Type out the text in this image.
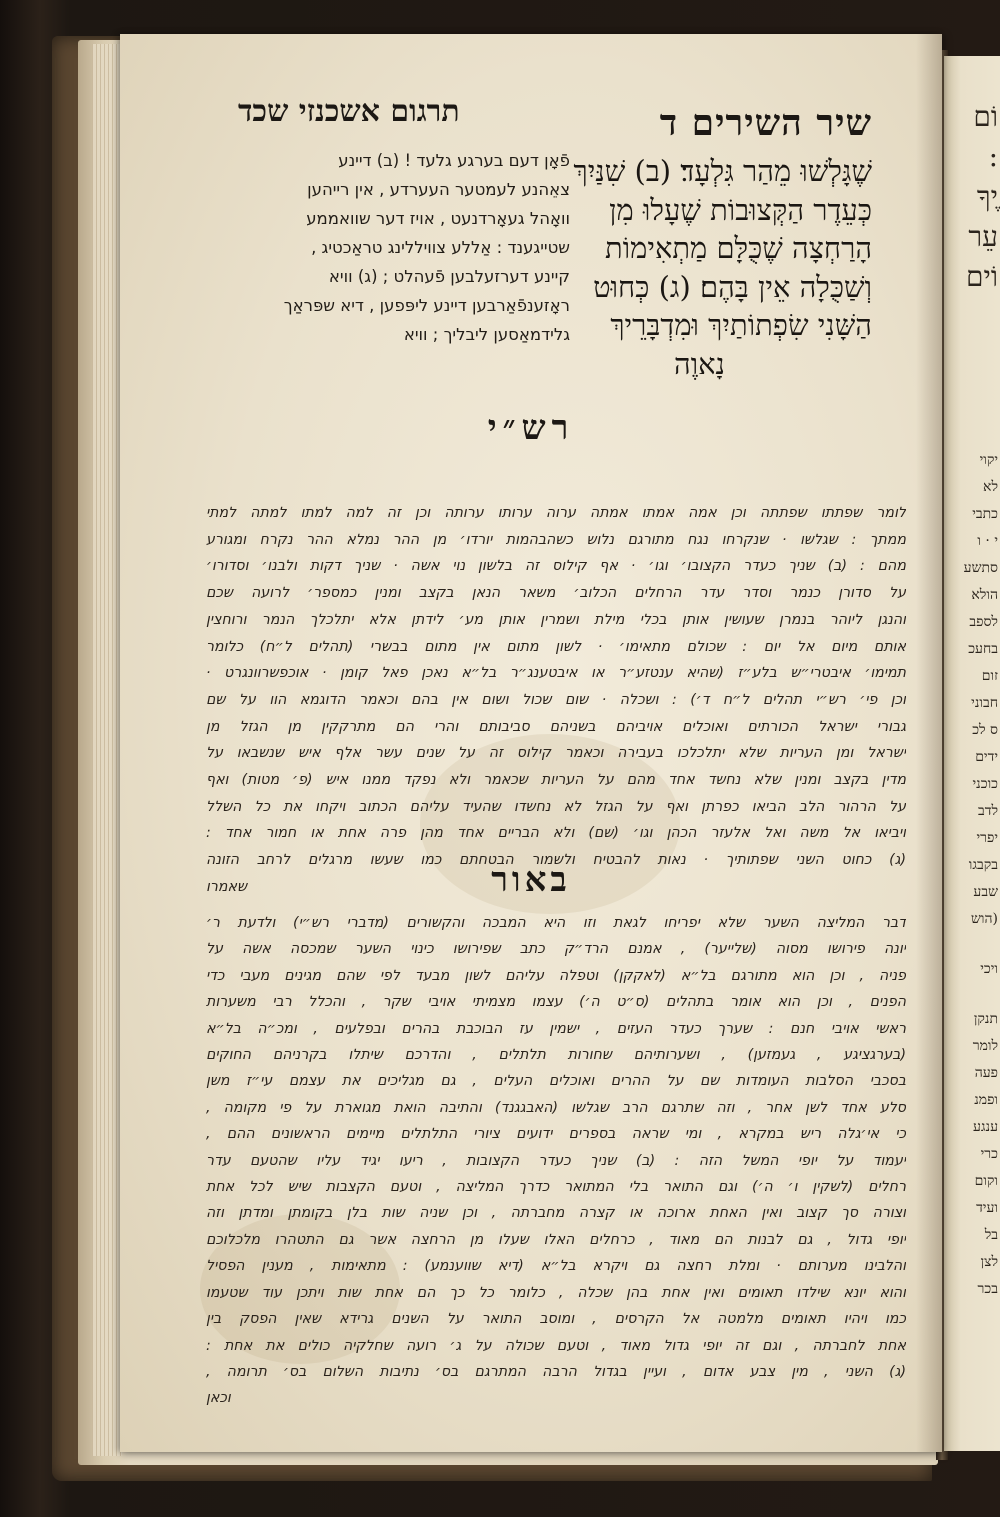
וֹם
:
ֶיךָ
עֵר
וֹים
יקוי
לא
כתבי
י · ו
סתשע
הולא
לספב
בחעכ
זום
חבוני
ס לכ
ידים
כוכני
לדב
יפרי
בקבגו
שבע
(הוש
ויכי
תנקן
לומר
פעה
ופמנ
ענגע
כרי
וקום
ועיד
בל
לצן
בכר
שיר השירים ד
תרגום אשכנזי שכד
שֶׁגָּלְשׁוּ מֵהַר גִּלְעָד׃ (ב) שִׁנַּיִךְ
כְּעֵדֶר הַקְּצוּבוֹת שֶׁעָלוּ מִן
הָרַחְצָה שֶׁכֻּלָּם מַתְאִימוֹת
וְשַׁכֻּלָה אֵין בָּהֶם׃ (ג) כְּחוּט
הַשָּׁנִי שִׂפְתוֹתַיִךְ וּמִדְבָּרֵיךְ
נָאוֶה
פֿאָן דעם בערגע גלעד ! (ב) דיינע
צאֵהנע לעמטער העערדע , אין רייהען
וואָהל געאָרדנעט , אויז דער שוואממע
שטייגענד : אַללע צוויללינג טראַכטיג ,
קיינע דערזעלבען פֿעהלט ; (ג) וויא
ראָזענפֿאַרבען דיינע ליפּפען , דיא שפּראַך
גלידמאַסען ליבליך ; וויא
רש״י
לומר שפתתו שפתתה וכן אמה אמתו אמתה ערוה ערותו ערותה וכן זה למה למתו למתה למתי
ממתך : שגלשו · שנקרחו נגח מתורגם נלוש כשהבהמות יורדו׳ מן ההר נמלא ההר נקרח ומגורע
מהם : (ב) שניך כעדר הקצובו׳ וגו׳ · אף קילוס זה בלשון נוי אשה · שניך דקות ולבנו׳ וסדורו׳
על סדורן כנמר וסדר עדר הרחלים הכלוב׳ משאר הנאן בקצב ומנין כמספר׳ לרועה שכם
והנגן ליוהר בנמרן שעושין אותן בכלי מילת ושמרין אותן מע׳ לידתן אלא יתלכלך הנמר ורוחצין
אותם מיום אל יום : שכולם מתאימו׳ · לשון מתום אין מתום בבשרי (תהלים ל״ח) כלומר
תמימו׳ איבטרי״ש בלע״ז (שהיא ענטזע״ר או איבטענג״ר בל״א נאכן פאל קומן · אוכפשרוונגרט ·
וכן פי׳ רש״י תהלים ל״ח ד׳) : ושכלה · שום שכול ושום אין בהם וכאמר הדוגמא הוו על שם
גבורי ישראל הכורתים ואוכלים אויביהם בשניהם סביבותם והרי הם מתרקקין מן הגזל מן
ישראל ומן העריות שלא יתלכלכו בעבירה וכאמר קילוס זה על שנים עשר אלף איש שנשבאו על
מדין בקצב ומנין שלא נחשד אחד מהם על העריות שכאמר ולא נפקד ממנו איש (פ׳ מטות) ואף
על הרהור הלב הביאו כפרתן ואף על הגזל לא נחשדו שהעיד עליהם הכתוב ויקחו את כל השלל
ויביאו אל משה ואל אלעזר הכהן וגו׳ (שם) ולא הבריים אחד מהן פרה אחת או חמור אחד :
(ג) כחוט השני שפתותיך · נאות להבטיח ולשמור הבטחתם כמו שעשו מרגלים לרחב הזונה
שאמרו	באור
דבר המליצה השער שלא יפריחו לגאת וזו היא המבכה והקשורים (מדברי רש״י) ולדעת ר׳
יונה פירושו מסוה (שלייער) , אמנם הרד״ק כתב שפירושו כינוי השער שמכסה אשה על
פניה , וכן הוא מתורגם בל״א (לאקקן) וטפלה עליהם לשון מבעד לפי שהם מגינים מעבי כדי
הפנים , וכן הוא אומר בתהלים (ס״ט ה׳) עצמו מצמיתי אויבי שקר , והכלל רבי משערות
ראשי אויבי חנם : שערך כעדר העזים , ישמין עז הבוכבת בהרים ובפלעים , ומכ״ה בל״א
(בערגציגע , געמזען) , ושערותיהם שחורות תלתלים , והדרכם שיתלו בקרניהם החוקים
בסכבי הסלבות העומדות שם על ההרים ואוכלים העלים , גם מגליכים את עצמם עי״ז משן
סלע אחד לשן אחר , וזה שתרגם הרב שגלשו (האבגגנד) והתיבה הואת מגוארת על פי מקומה ,
כי אי׳גלה ריש במקרא , ומי שראה בספרים ידועים ציורי התלתלים מיימים הראשונים ההם ,
יעמוד על יופי המשל הזה : (ב) שניך כעדר הקצובות , ריעו יגיד עליו שהטעם עדר
רחלים (לשקין ו׳ ה׳) וגם התואר בלי המתואר כדרך המליצה , וטעם הקצבות שיש לכל אחת
וצורה סך קצוב ואין האחת ארוכה או קצרה מחברתה , וכן שניה שות בלן בקומתן ומדתן וזה
יופי גדול , גם לבנות הם מאוד , כרחלים האלו שעלו מן הרחצה אשר גם התטהרו מלכלוכם
והלבינו מערותם · ומלת רחצה גם ויקרא בל״א (דיא שווענמע) : מתאימות , מענין הפסיל
והוא יונא שילדו תאומים ואין אחת בהן שכלה , כלומר כל כך הם אחת שות ויתכן עוד שטעמו
כמו ויהיו תאומים מלמטה אל הקרסים , ומוסב התואר על השנים גרידא שאין הפסק בין
אחת לחברתה , וגם זה יופי גדול מאוד , וטעם שכולה על ג׳ רועה שחלקיה כולים את אחת :
(ג) השני , מין צבע אדום , ועיין בגדול הרבה המתרגם בס׳ נתיבות השלום בס׳ תרומה ,
וכאן
